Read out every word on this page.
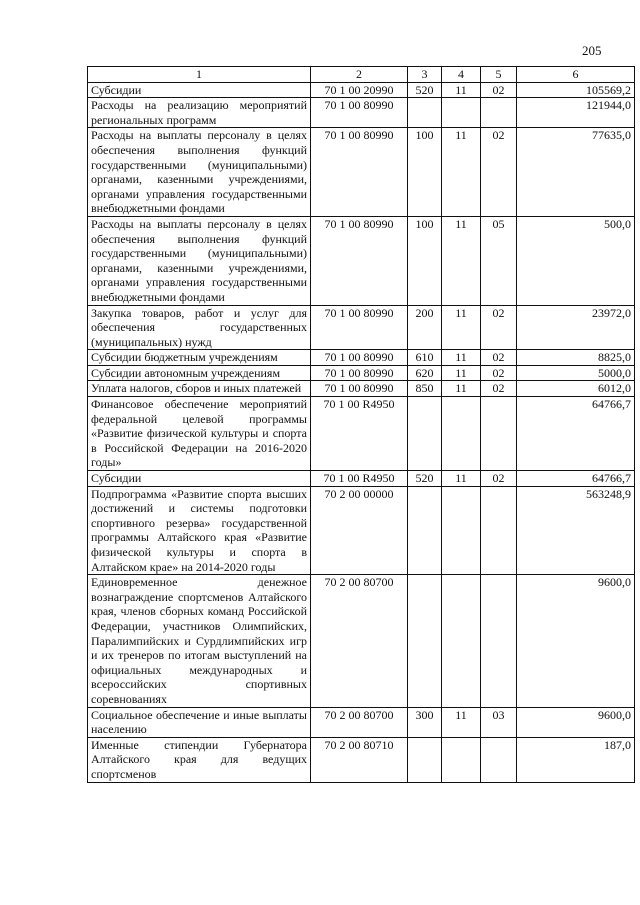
205
1	2	3	4	5	6
Субсидии	70 1 00 20990	520	11	02	105569,2
Расходы на реализацию мероприятий региональных программ	70 1 00 80990				121944,0
Расходы на выплаты персоналу в целях обеспечения выполнения функций государственными (муниципальными) органами, казенными учреждениями, органами управления государственными внебюджетными фондами	70 1 00 80990	100	11	02	77635,0
Расходы на выплаты персоналу в целях обеспечения выполнения функций государственными (муниципальными) органами, казенными учреждениями, органами управления государственными внебюджетными фондами	70 1 00 80990	100	11	05	500,0
Закупка товаров, работ и услуг для обеспечения государственных (муниципальных) нужд	70 1 00 80990	200	11	02	23972,0
Субсидии бюджетным учреждениям	70 1 00 80990	610	11	02	8825,0
Субсидии автономным учреждениям	70 1 00 80990	620	11	02	5000,0
Уплата налогов, сборов и иных платежей	70 1 00 80990	850	11	02	6012,0
Финансовое обеспечение мероприятий федеральной целевой программы «Развитие физической культуры и спорта в Российской Федерации на 2016-2020 годы»	70 1 00 R4950				64766,7
Субсидии	70 1 00 R4950	520	11	02	64766,7
Подпрограмма «Развитие спорта высших достижений и системы подготовки спортивного резерва» государственной программы Алтайского края «Развитие физической культуры и спорта в Алтайском крае» на 2014-2020 годы	70 2 00 00000				563248,9
Единовременное денежное вознаграждение спортсменов Алтайского края, членов сборных команд Российской Федерации, участников Олимпийских, Паралимпийских и Сурдлимпийских игр и их тренеров по итогам выступлений на официальных международных и всероссийских спортивных соревнованиях	70 2 00 80700				9600,0
Социальное обеспечение и иные выплаты населению	70 2 00 80700	300	11	03	9600,0
Именные стипендии Губернатора Алтайского края для ведущих спортсменов	70 2 00 80710				187,0
